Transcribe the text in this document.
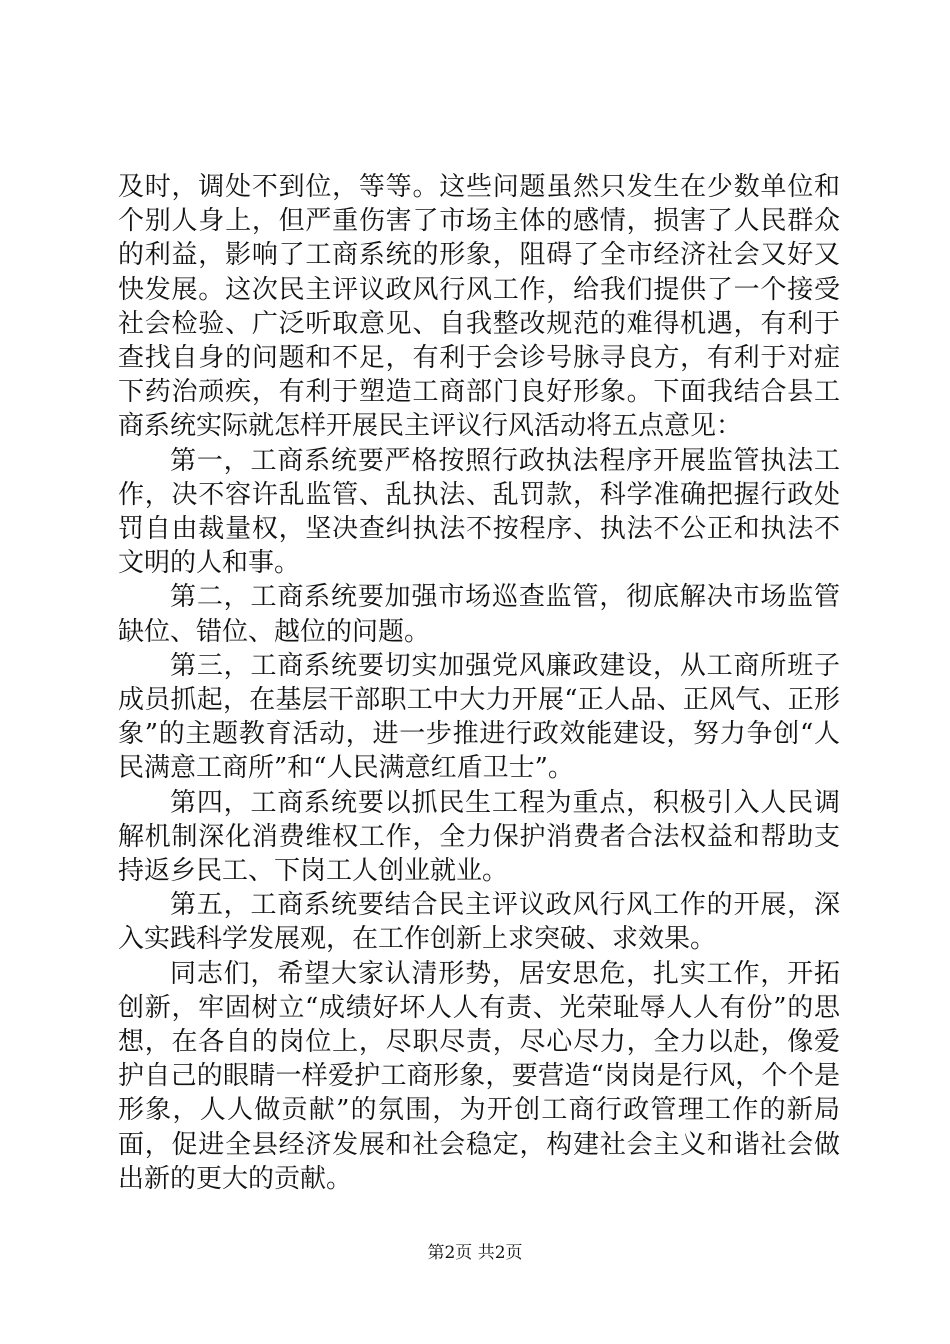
及时，调处不到位，等等。这些问题虽然只发生在少数单位和个别人身上，但严重伤害了市场主体的感情，损害了人民群众的利益，影响了工商系统的形象，阻碍了全市经济社会又好又快发展。这次民主评议政风行风工作，给我们提供了一个接受社会检验、广泛听取意见、自我整改规范的难得机遇，有利于查找自身的问题和不足，有利于会诊号脉寻良方，有利于对症下药治顽疾，有利于塑造工商部门良好形象。下面我结合县工商系统实际就怎样开展民主评议行风活动将五点意见：

第一，工商系统要严格按照行政执法程序开展监管执法工作，决不容许乱监管、乱执法、乱罚款，科学准确把握行政处罚自由裁量权，坚决查纠执法不按程序、执法不公正和执法不文明的人和事。

第二，工商系统要加强市场巡查监管，彻底解决市场监管缺位、错位、越位的问题。

第三，工商系统要切实加强党风廉政建设，从工商所班子成员抓起，在基层干部职工中大力开展“正人品、正风气、正形象”的主题教育活动，进一步推进行政效能建设，努力争创“人民满意工商所”和“人民满意红盾卫士”。

第四，工商系统要以抓民生工程为重点，积极引入人民调解机制深化消费维权工作，全力保护消费者合法权益和帮助支持返乡民工、下岗工人创业就业。

第五，工商系统要结合民主评议政风行风工作的开展，深入实践科学发展观，在工作创新上求突破、求效果。

同志们，希望大家认清形势，居安思危，扎实工作，开拓创新，牢固树立“成绩好坏人人有责、光荣耻辱人人有份”的思想，在各自的岗位上，尽职尽责，尽心尽力，全力以赴，像爱护自己的眼睛一样爱护工商形象，要营造“岗岗是行风，个个是形象，人人做贡献”的氛围，为开创工商行政管理工作的新局面，促进全县经济发展和社会稳定，构建社会主义和谐社会做出新的更大的贡献。

第2页 共2页
